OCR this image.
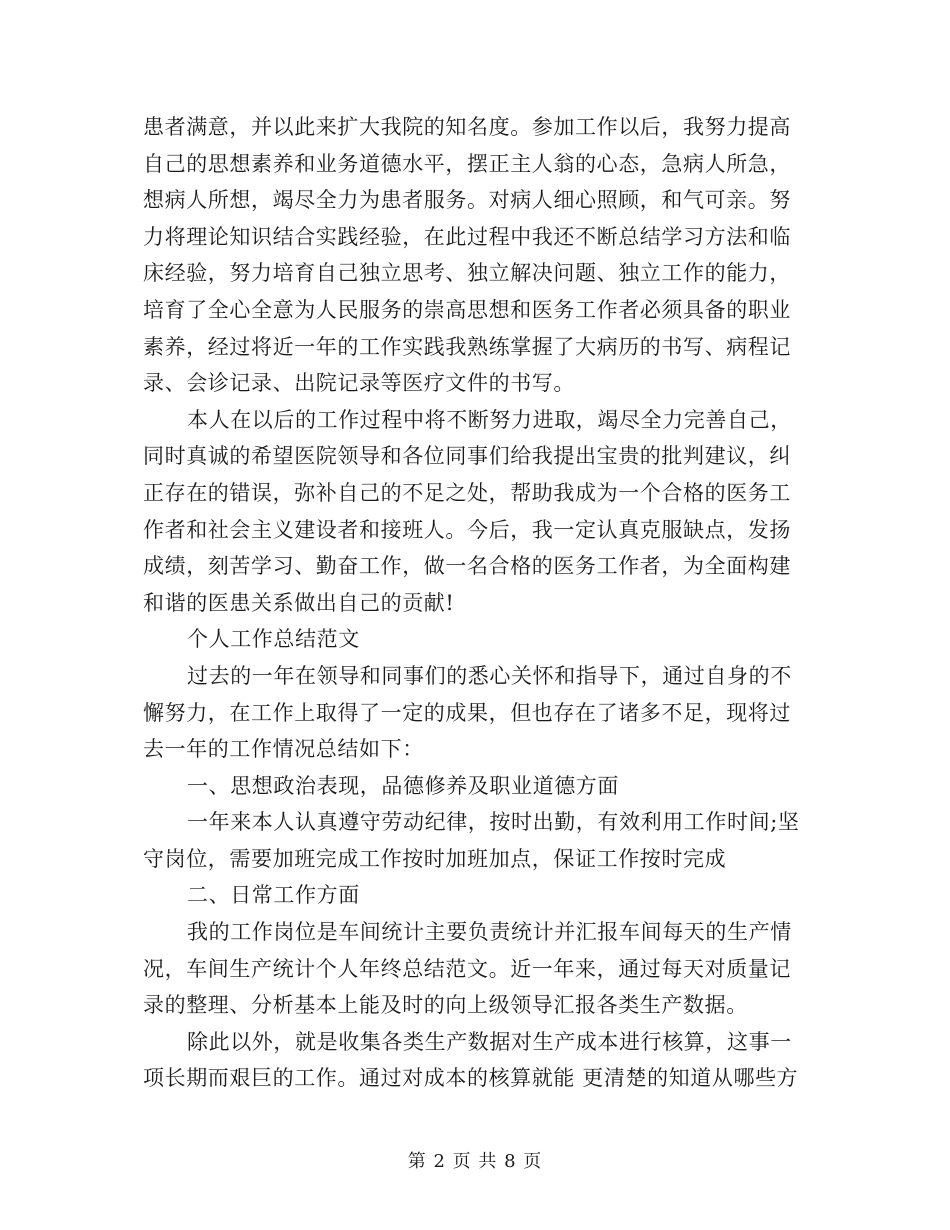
患者满意，并以此来扩大我院的知名度。参加工作以后，我努力提高
自己的思想素养和业务道德水平，摆正主人翁的心态，急病人所急，
想病人所想，竭尽全力为患者服务。对病人细心照顾，和气可亲。努
力将理论知识结合实践经验，在此过程中我还不断总结学习方法和临
床经验，努力培育自己独立思考、独立解决问题、独立工作的能力，
培育了全心全意为人民服务的崇高思想和医务工作者必须具备的职业
素养，经过将近一年的工作实践我熟练掌握了大病历的书写、病程记
录、会诊记录、出院记录等医疗文件的书写。
本人在以后的工作过程中将不断努力进取，竭尽全力完善自己，
同时真诚的希望医院领导和各位同事们给我提出宝贵的批判建议，纠
正存在的错误，弥补自己的不足之处，帮助我成为一个合格的医务工
作者和社会主义建设者和接班人。今后，我一定认真克服缺点，发扬
成绩，刻苦学习、勤奋工作，做一名合格的医务工作者，为全面构建
和谐的医患关系做出自己的贡献!
个人工作总结范文
过去的一年在领导和同事们的悉心关怀和指导下，通过自身的不
懈努力，在工作上取得了一定的成果，但也存在了诸多不足，现将过
去一年的工作情况总结如下：
一、思想政治表现，品德修养及职业道德方面
一年来本人认真遵守劳动纪律，按时出勤，有效利用工作时间;坚
守岗位，需要加班完成工作按时加班加点，保证工作按时完成
二、日常工作方面
我的工作岗位是车间统计主要负责统计并汇报车间每天的生产情
况，车间生产统计个人年终总结范文。近一年来，通过每天对质量记
录的整理、分析基本上能及时的向上级领导汇报各类生产数据。
除此以外，就是收集各类生产数据对生产成本进行核算，这事一
项长期而艰巨的工作。通过对成本的核算就能 更清楚的知道从哪些方
第 2 页 共 8 页
